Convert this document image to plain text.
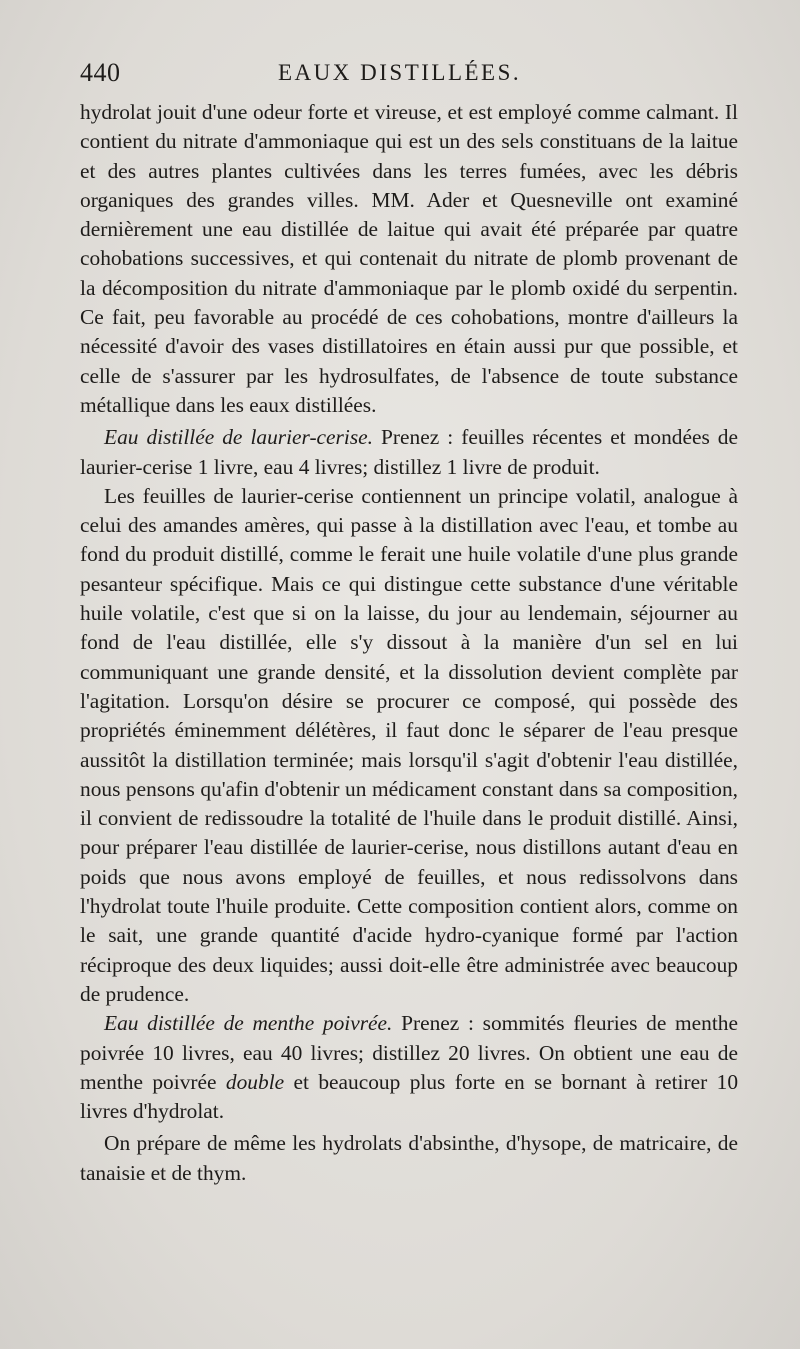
440	EAUX DISTILLÉES.

hydrolat jouit d'une odeur forte et vireuse, et est employé comme calmant. Il contient du nitrate d'ammoniaque qui est un des sels constituans de la laitue et des autres plantes cultivées dans les terres fumées, avec les débris organiques des grandes villes. MM. Ader et Quesneville ont examiné dernièrement une eau distillée de laitue qui avait été préparée par quatre cohobations successives, et qui contenait du nitrate de plomb provenant de la décomposition du nitrate d'ammoniaque par le plomb oxidé du serpentin. Ce fait, peu favorable au procédé de ces cohobations, montre d'ailleurs la nécessité d'avoir des vases distillatoires en étain aussi pur que possible, et celle de s'assurer par les hydrosulfates, de l'absence de toute substance métallique dans les eaux distillées.

Eau distillée de laurier-cerise. Prenez : feuilles récentes et mondées de laurier-cerise 1 livre, eau 4 livres; distillez 1 livre de produit.

Les feuilles de laurier-cerise contiennent un principe volatil, analogue à celui des amandes amères, qui passe à la distillation avec l'eau, et tombe au fond du produit distillé, comme le ferait une huile volatile d'une plus grande pesanteur spécifique. Mais ce qui distingue cette substance d'une véritable huile volatile, c'est que si on la laisse, du jour au lendemain, séjourner au fond de l'eau distillée, elle s'y dissout à la manière d'un sel en lui communiquant une grande densité, et la dissolution devient complète par l'agitation. Lorsqu'on désire se procurer ce composé, qui possède des propriétés éminemment délétères, il faut donc le séparer de l'eau presque aussitôt la distillation terminée; mais lorsqu'il s'agit d'obtenir l'eau distillée, nous pensons qu'afin d'obtenir un médicament constant dans sa composition, il convient de redissoudre la totalité de l'huile dans le produit distillé. Ainsi, pour préparer l'eau distillée de laurier-cerise, nous distillons autant d'eau en poids que nous avons employé de feuilles, et nous redissolvons dans l'hydrolat toute l'huile produite. Cette composition contient alors, comme on le sait, une grande quantité d'acide hydro-cyanique formé par l'action réciproque des deux liquides; aussi doit-elle être administrée avec beaucoup de prudence.

Eau distillée de menthe poivrée. Prenez : sommités fleuries de menthe poivrée 10 livres, eau 40 livres; distillez 20 livres. On obtient une eau de menthe poivrée double et beaucoup plus forte en se bornant à retirer 10 livres d'hydrolat.

On prépare de même les hydrolats d'absinthe, d'hysope, de matricaire, de tanaisie et de thym.
